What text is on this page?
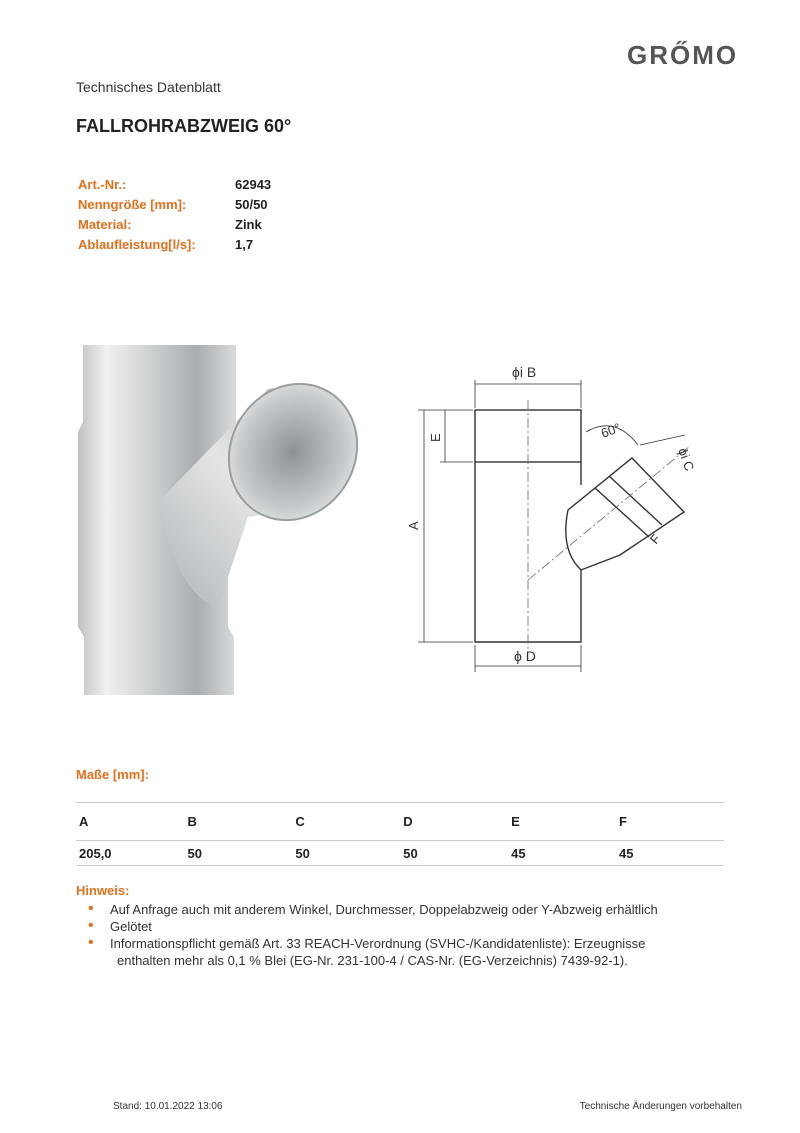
GRŐMO
Technisches Datenblatt
FALLROHRABZWEIG 60°
Art.-Nr.:	62943
Nenngröße [mm]:	50/50
Material:	Zink
Ablaufleistung[l/s]:	1,7
ϕi B
ϕ D
60°
ϕi C
A
E
F
Maße [mm]:
A	B	C	D	E	F
205,0	50	50	50	45	45
Hinweis:
•	Auf Anfrage auch mit anderem Winkel, Durchmesser, Doppelabzweig oder Y-Abzweig erhältlich
•	Gelötet
•	Informationspflicht gemäß Art. 33 REACH-Verordnung (SVHC-/Kandidatenliste): Erzeugnisse
enthalten mehr als 0,1 % Blei (EG-Nr. 231-100-4 / CAS-Nr. (EG-Verzeichnis) 7439-92-1).
Stand: 10.01.2022 13:06	Technische Änderungen vorbehalten
